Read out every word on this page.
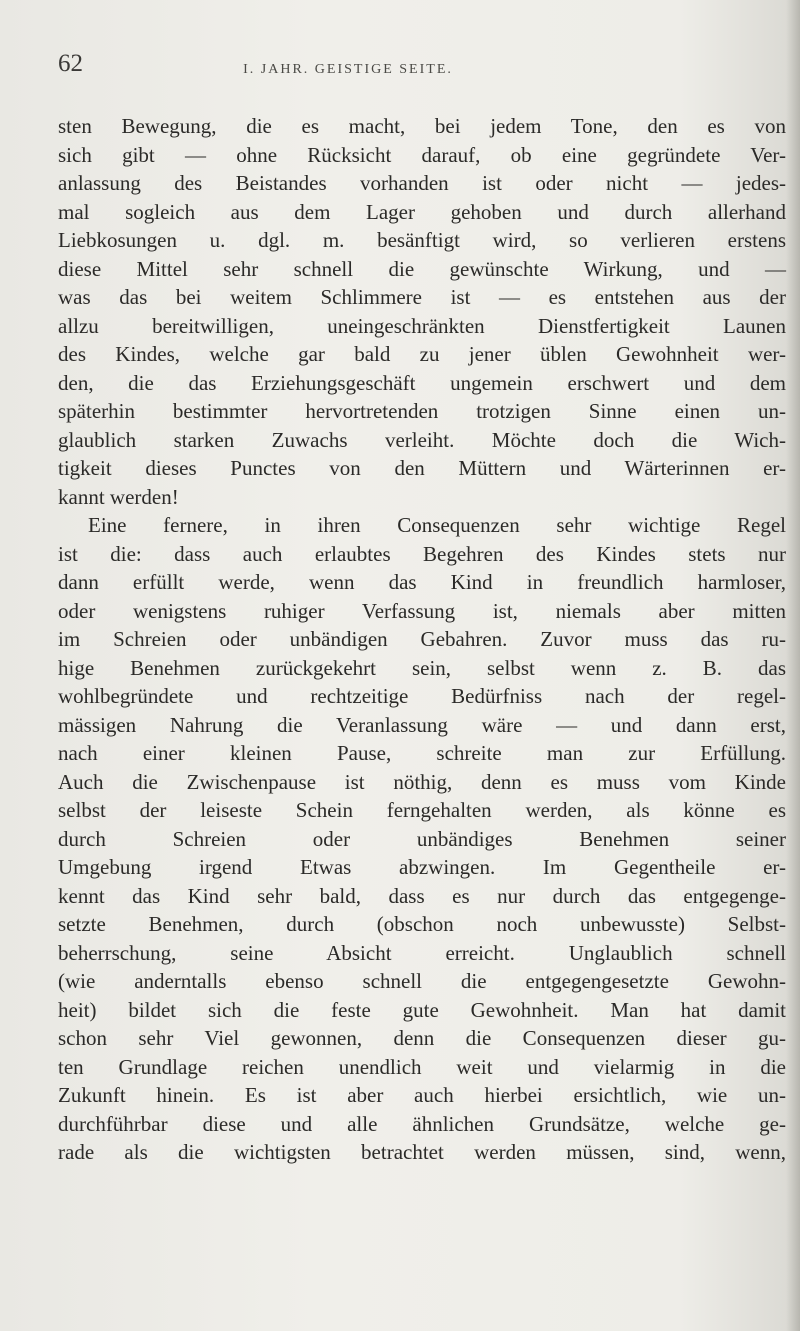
62	I. JAHR. GEISTIGE SEITE.
sten Bewegung, die es macht, bei jedem Tone, den es von
sich gibt — ohne Rücksicht darauf, ob eine gegründete Ver-
anlassung des Beistandes vorhanden ist oder nicht — jedes-
mal sogleich aus dem Lager gehoben und durch allerhand
Liebkosungen u. dgl. m. besänftigt wird, so verlieren erstens
diese Mittel sehr schnell die gewünschte Wirkung, und —
was das bei weitem Schlimmere ist — es entstehen aus der
allzu bereitwilligen, uneingeschränkten Dienstfertigkeit Launen
des Kindes, welche gar bald zu jener üblen Gewohnheit wer-
den, die das Erziehungsgeschäft ungemein erschwert und dem
späterhin bestimmter hervortretenden trotzigen Sinne einen un-
glaublich starken Zuwachs verleiht. Möchte doch die Wich-
tigkeit dieses Punctes von den Müttern und Wärterinnen er-
kannt werden!
Eine fernere, in ihren Consequenzen sehr wichtige Regel
ist die: dass auch erlaubtes Begehren des Kindes stets nur
dann erfüllt werde, wenn das Kind in freundlich harmloser,
oder wenigstens ruhiger Verfassung ist, niemals aber mitten
im Schreien oder unbändigen Gebahren. Zuvor muss das ru-
hige Benehmen zurückgekehrt sein, selbst wenn z. B. das
wohlbegründete und rechtzeitige Bedürfniss nach der regel-
mässigen Nahrung die Veranlassung wäre — und dann erst,
nach einer kleinen Pause, schreite man zur Erfüllung.
Auch die Zwischenpause ist nöthig, denn es muss vom Kinde
selbst der leiseste Schein ferngehalten werden, als könne es
durch Schreien oder unbändiges Benehmen seiner
Umgebung irgend Etwas abzwingen. Im Gegentheile er-
kennt das Kind sehr bald, dass es nur durch das entgegenge-
setzte Benehmen, durch (obschon noch unbewusste) Selbst-
beherrschung, seine Absicht erreicht. Unglaublich schnell
(wie anderntalls ebenso schnell die entgegengesetzte Gewohn-
heit) bildet sich die feste gute Gewohnheit. Man hat damit
schon sehr Viel gewonnen, denn die Consequenzen dieser gu-
ten Grundlage reichen unendlich weit und vielarmig in die
Zukunft hinein. Es ist aber auch hierbei ersichtlich, wie un-
durchführbar diese und alle ähnlichen Grundsätze, welche ge-
rade als die wichtigsten betrachtet werden müssen, sind, wenn,
